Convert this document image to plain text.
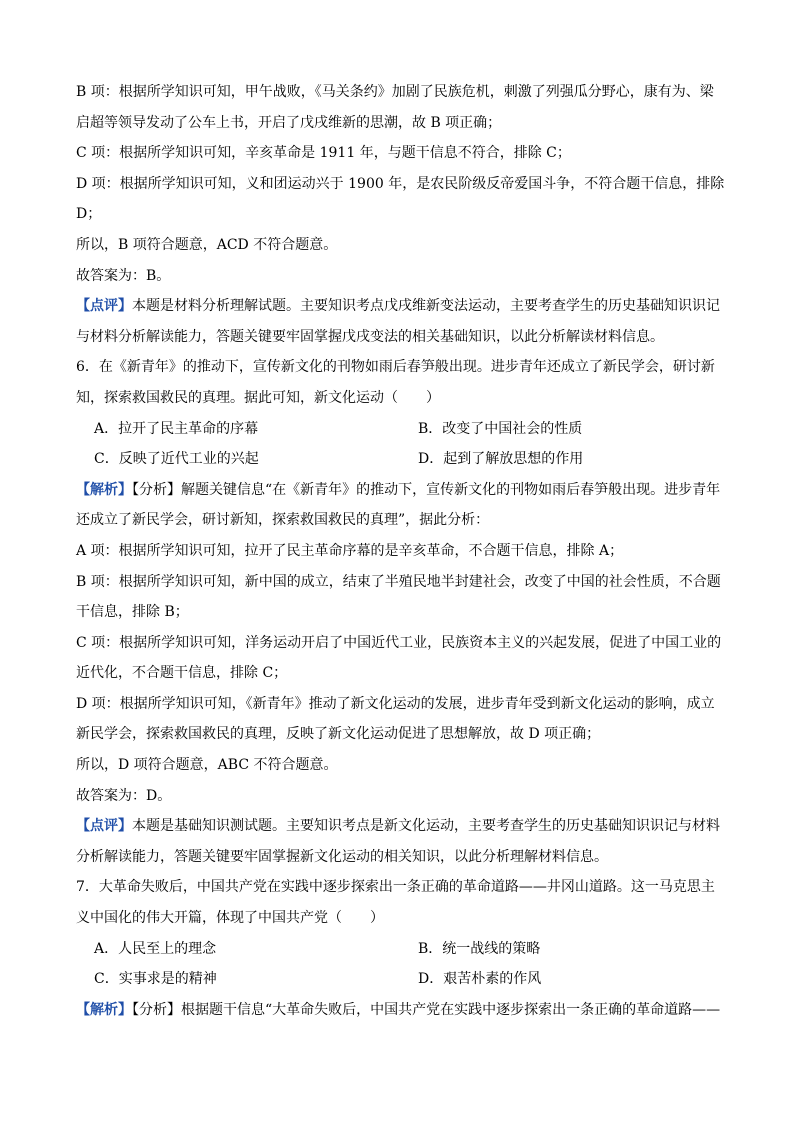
B 项：根据所学知识可知，甲午战败，《马关条约》加剧了民族危机，刺激了列强瓜分野心，康有为、梁
启超等领导发动了公车上书，开启了戊戌维新的思潮，故 B 项正确；
C 项：根据所学知识可知，辛亥革命是 1911 年，与题干信息不符合，排除 C；
D 项：根据所学知识可知，义和团运动兴于 1900 年，是农民阶级反帝爱国斗争，不符合题干信息，排除
D；
所以，B 项符合题意，ACD 不符合题意。
故答案为：B。
【点评】本题是材料分析理解试题。主要知识考点戊戌维新变法运动，主要考查学生的历史基础知识识记
与材料分析解读能力，答题关键要牢固掌握戊戌变法的相关基础知识，以此分析解读材料信息。
6．在《新青年》的推动下，宣传新文化的刊物如雨后春笋般出现。进步青年还成立了新民学会，研讨新
知，探索救国救民的真理。据此可知，新文化运动（　　）
A．拉开了民主革命的序幕	B．改变了中国社会的性质
C．反映了近代工业的兴起	D．起到了解放思想的作用
【解析】【分析】解题关键信息“在《新青年》的推动下，宣传新文化的刊物如雨后春笋般出现。进步青年
还成立了新民学会，研讨新知，探索救国救民的真理”，据此分析：
A 项：根据所学知识可知，拉开了民主革命序幕的是辛亥革命，不合题干信息，排除 A；
B 项：根据所学知识可知，新中国的成立，结束了半殖民地半封建社会，改变了中国的社会性质，不合题
干信息，排除 B；
C 项：根据所学知识可知，洋务运动开启了中国近代工业，民族资本主义的兴起发展，促进了中国工业的
近代化，不合题干信息，排除 C；
D 项：根据所学知识可知，《新青年》推动了新文化运动的发展，进步青年受到新文化运动的影响，成立
新民学会，探索救国救民的真理，反映了新文化运动促进了思想解放，故 D 项正确；
所以，D 项符合题意，ABC 不符合题意。
故答案为：D。
【点评】本题是基础知识测试题。主要知识考点是新文化运动，主要考查学生的历史基础知识识记与材料
分析解读能力，答题关键要牢固掌握新文化运动的相关知识，以此分析理解材料信息。
7．大革命失败后，中国共产党在实践中逐步探索出一条正确的革命道路——井冈山道路。这一马克思主
义中国化的伟大开篇，体现了中国共产党（　　）
A．人民至上的理念	B．统一战线的策略
C．实事求是的精神	D．艰苦朴素的作风
【解析】【分析】根据题干信息“大革命失败后，中国共产党在实践中逐步探索出一条正确的革命道路——
